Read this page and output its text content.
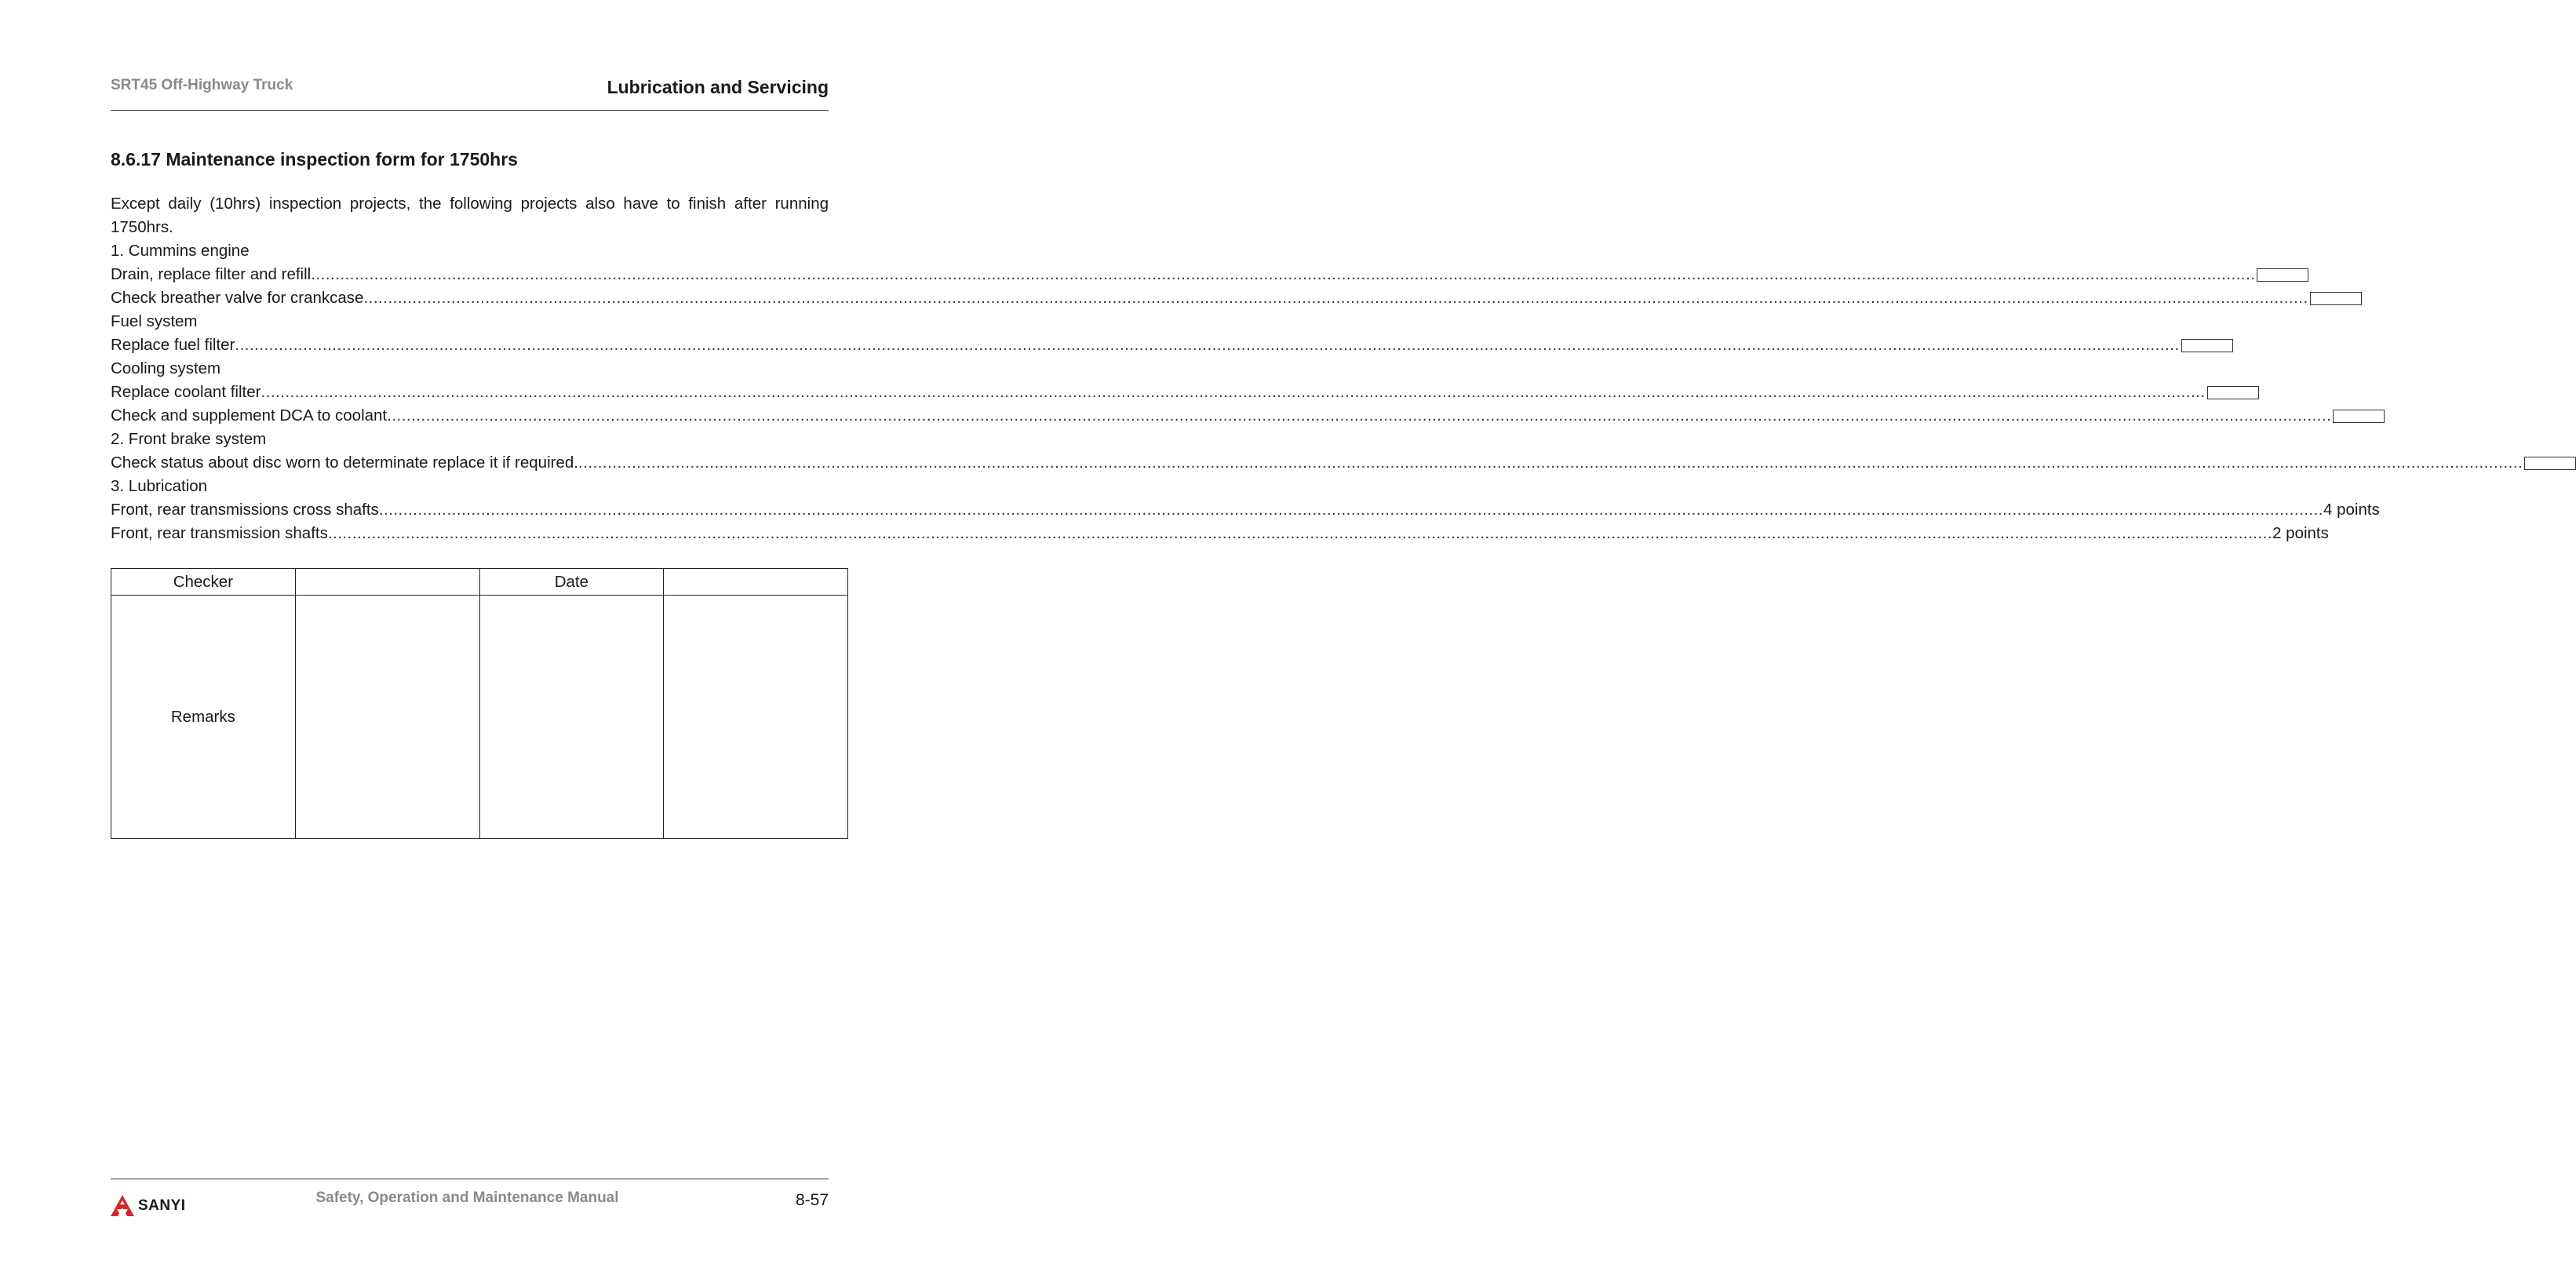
SRT45 Off-Highway Truck	Lubrication and Servicing
8.6.17 Maintenance inspection form for 1750hrs
Except daily (10hrs) inspection projects, the following projects also have to finish after running 1750hrs.
1. Cummins engine
Drain, replace filter and refill ................................................................................................................................................................................................................................................................................................................................................................................................................
Check breather valve for crankcase ................................................................................................................................................................................................................................................................................................................................................................................................................
Fuel system
Replace fuel filter ................................................................................................................................................................................................................................................................................................................................................................................................................
Cooling system
Replace coolant filter ................................................................................................................................................................................................................................................................................................................................................................................................................
Check and supplement DCA to coolant ................................................................................................................................................................................................................................................................................................................................................................................................................
2. Front brake system
Check status about disc worn to determinate replace it if required. ................................................................................................................................................................................................................................................................................................................................................................................................................
3. Lubrication
Front, rear transmissions cross shafts ................................................................................................................................................................................................................................................................................................................................................................................................................ 4 points
Front, rear transmission shafts ................................................................................................................................................................................................................................................................................................................................................................................................................ 2 points
Checker		Date	
Remarks			
SANYI	Safety, Operation and Maintenance Manual	8-57
